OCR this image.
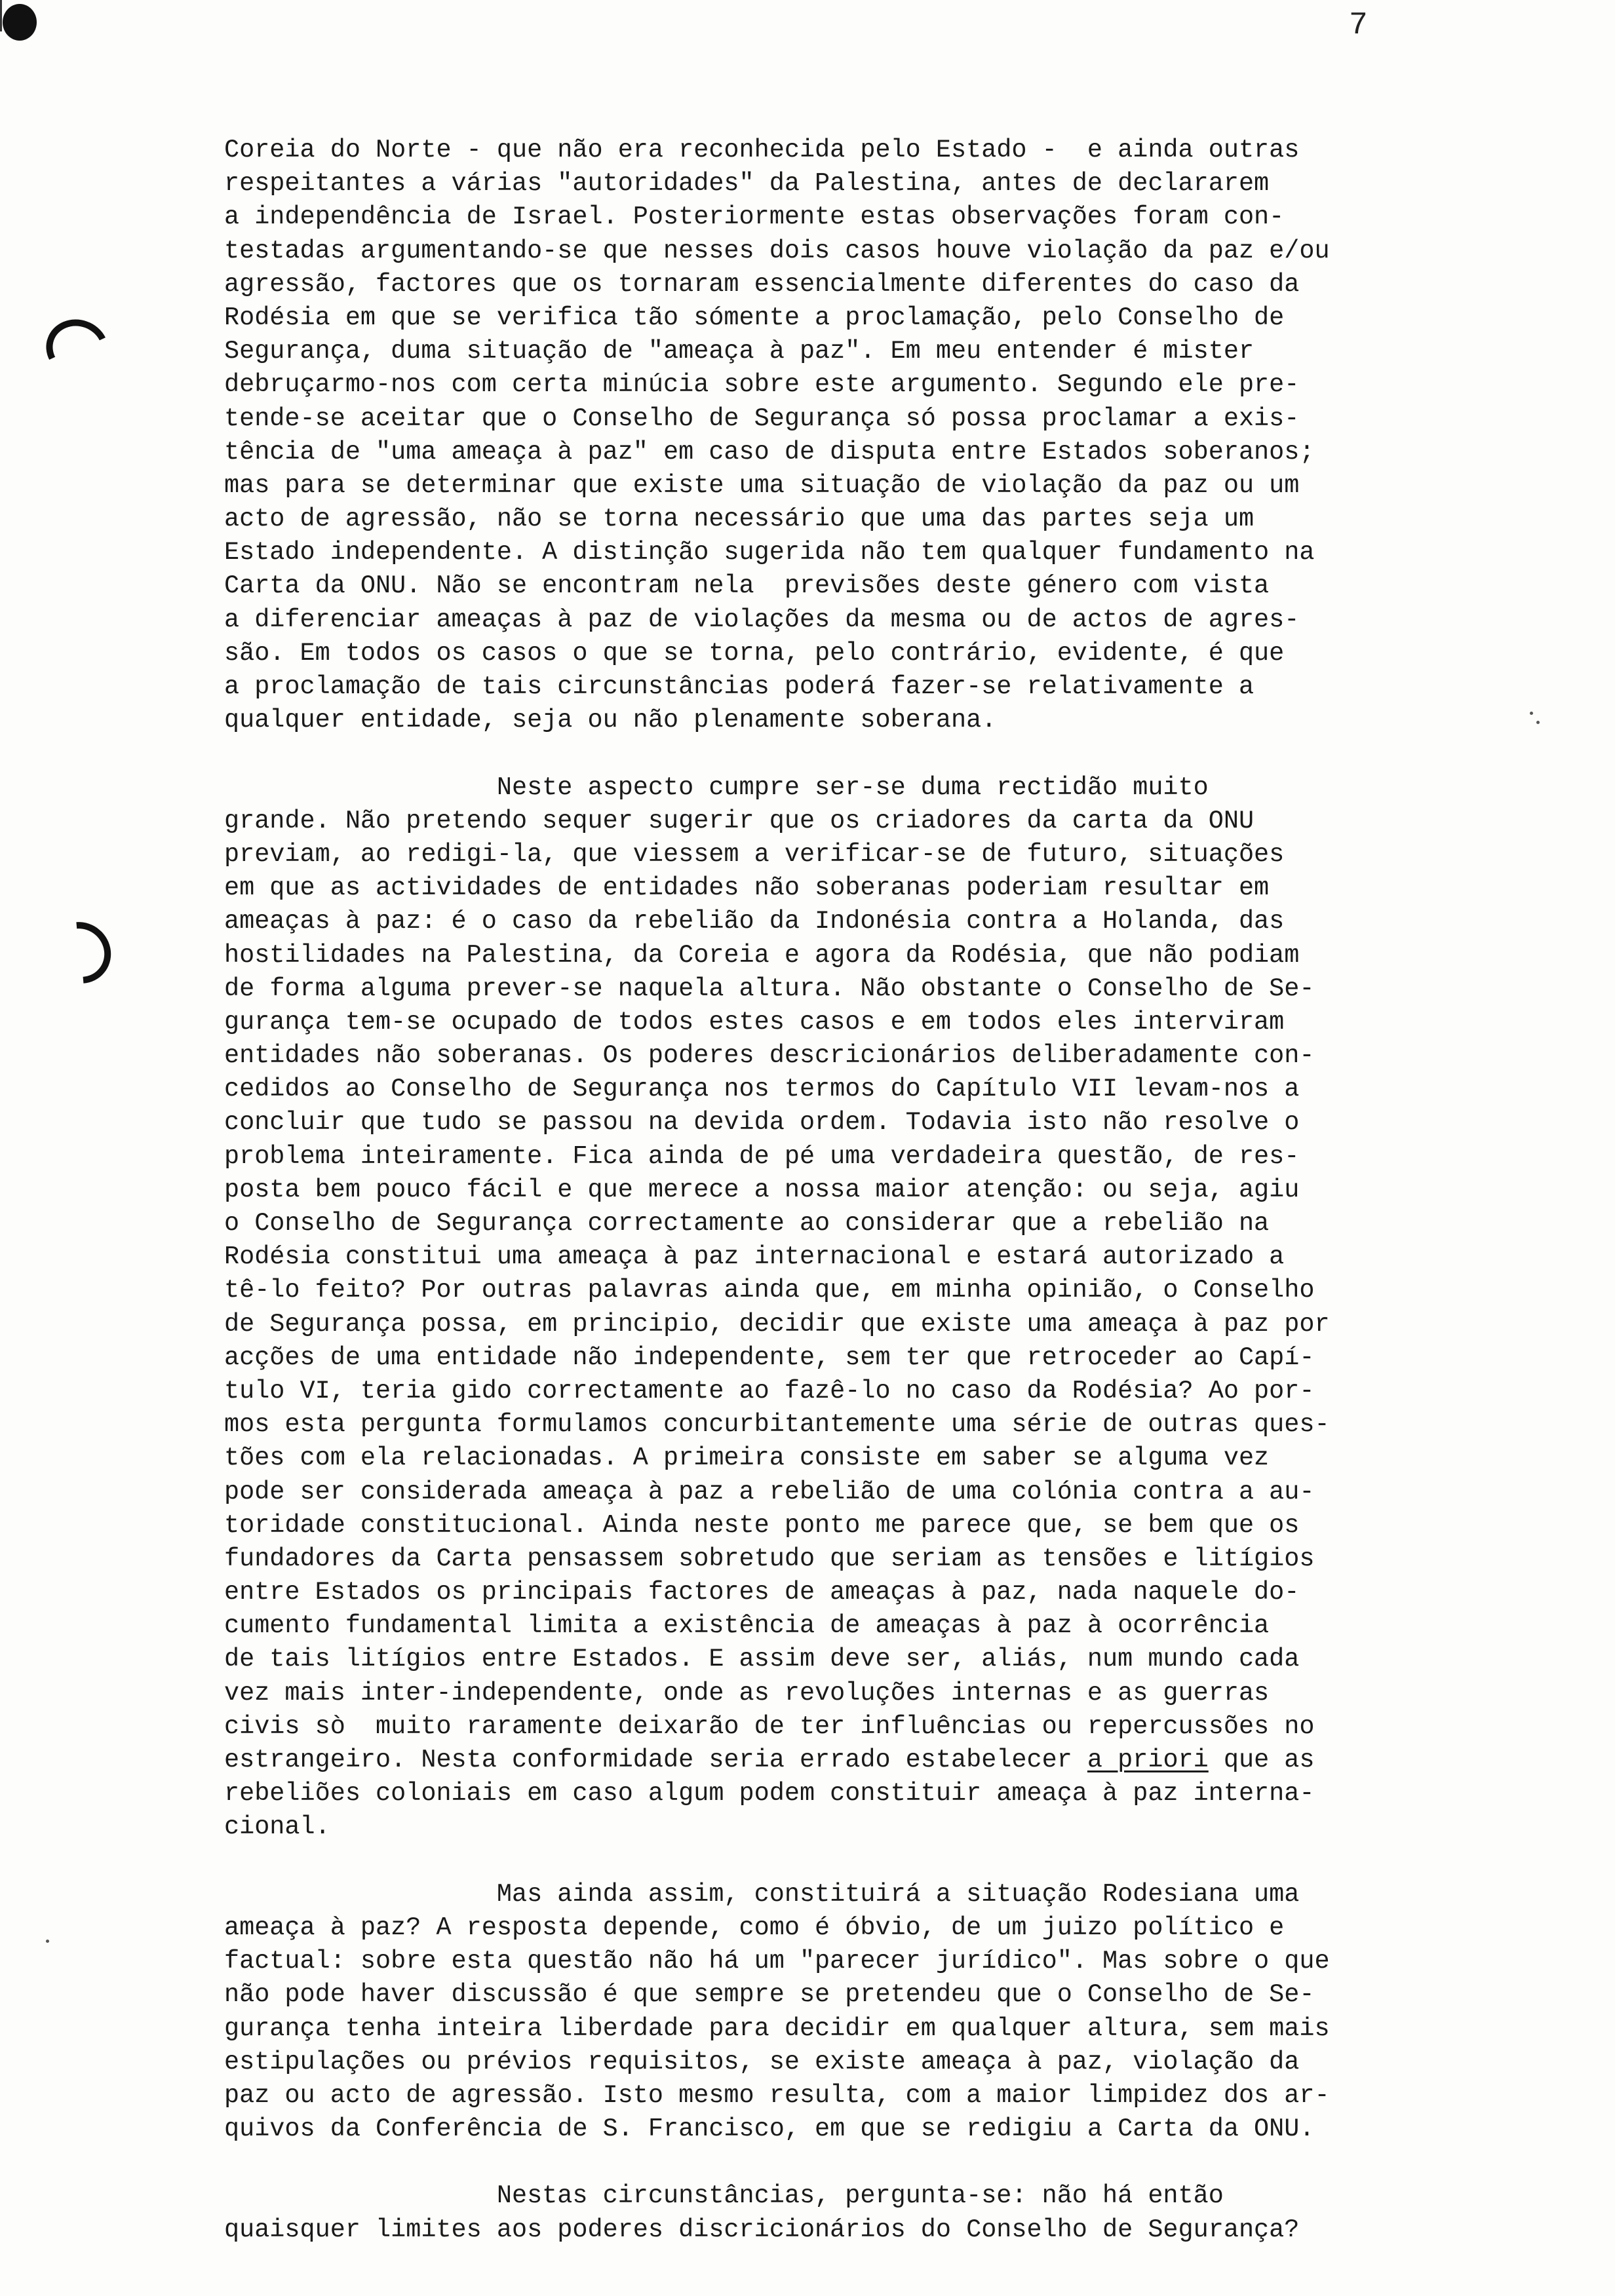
7
Coreia do Norte - que não era reconhecida pelo Estado -  e ainda outras
respeitantes a várias "autoridades" da Palestina, antes de declararem
a independência de Israel. Posteriormente estas observações foram con-
testadas argumentando-se que nesses dois casos houve violação da paz e/ou
agressão, factores que os tornaram essencialmente diferentes do caso da
Rodésia em que se verifica tão sómente a proclamação, pelo Conselho de
Segurança, duma situação de "ameaça à paz". Em meu entender é mister
debruçarmo-nos com certa minúcia sobre este argumento. Segundo ele pre-
tende-se aceitar que o Conselho de Segurança só possa proclamar a exis-
tência de "uma ameaça à paz" em caso de disputa entre Estados soberanos;
mas para se determinar que existe uma situação de violação da paz ou um
acto de agressão, não se torna necessário que uma das partes seja um
Estado independente. A distinção sugerida não tem qualquer fundamento na
Carta da ONU. Não se encontram nela  previsões deste género com vista
a diferenciar ameaças à paz de violações da mesma ou de actos de agres-
são. Em todos os casos o que se torna, pelo contrário, evidente, é que
a proclamação de tais circunstâncias poderá fazer-se relativamente a
qualquer entidade, seja ou não plenamente soberana.
Neste aspecto cumpre ser-se duma rectidão muito
grande. Não pretendo sequer sugerir que os criadores da carta da ONU
previam, ao redigi-la, que viessem a verificar-se de futuro, situações
em que as actividades de entidades não soberanas poderiam resultar em
ameaças à paz: é o caso da rebelião da Indonésia contra a Holanda, das
hostilidades na Palestina, da Coreia e agora da Rodésia, que não podiam
de forma alguma prever-se naquela altura. Não obstante o Conselho de Se-
gurança tem-se ocupado de todos estes casos e em todos eles interviram
entidades não soberanas. Os poderes descricionários deliberadamente con-
cedidos ao Conselho de Segurança nos termos do Capítulo VII levam-nos a
concluir que tudo se passou na devida ordem. Todavia isto não resolve o
problema inteiramente. Fica ainda de pé uma verdadeira questão, de res-
posta bem pouco fácil e que merece a nossa maior atenção: ou seja, agiu
o Conselho de Segurança correctamente ao considerar que a rebelião na
Rodésia constitui uma ameaça à paz internacional e estará autorizado a
tê-lo feito? Por outras palavras ainda que, em minha opinião, o Conselho
de Segurança possa, em principio, decidir que existe uma ameaça à paz por
acções de uma entidade não independente, sem ter que retroceder ao Capí-
tulo VI, teria gido correctamente ao fazê-lo no caso da Rodésia? Ao por-
mos esta pergunta formulamos concurbitantemente uma série de outras ques-
tões com ela relacionadas. A primeira consiste em saber se alguma vez
pode ser considerada ameaça à paz a rebelião de uma colónia contra a au-
toridade constitucional. Ainda neste ponto me parece que, se bem que os
fundadores da Carta pensassem sobretudo que seriam as tensões e litígios
entre Estados os principais factores de ameaças à paz, nada naquele do-
cumento fundamental limita a existência de ameaças à paz à ocorrência
de tais litígios entre Estados. E assim deve ser, aliás, num mundo cada
vez mais inter-independente, onde as revoluções internas e as guerras
civis sò  muito raramente deixarão de ter influências ou repercussões no
estrangeiro. Nesta conformidade seria errado estabelecer a priori que as
rebeliões coloniais em caso algum podem constituir ameaça à paz interna-
cional.
Mas ainda assim, constituirá a situação Rodesiana uma
ameaça à paz? A resposta depende, como é óbvio, de um juizo político e
factual: sobre esta questão não há um "parecer jurídico". Mas sobre o que
não pode haver discussão é que sempre se pretendeu que o Conselho de Se-
gurança tenha inteira liberdade para decidir em qualquer altura, sem mais
estipulações ou prévios requisitos, se existe ameaça à paz, violação da
paz ou acto de agressão. Isto mesmo resulta, com a maior limpidez dos ar-
quivos da Conferência de S. Francisco, em que se redigiu a Carta da ONU.
Nestas circunstâncias, pergunta-se: não há então
quaisquer limites aos poderes discricionários do Conselho de Segurança?
